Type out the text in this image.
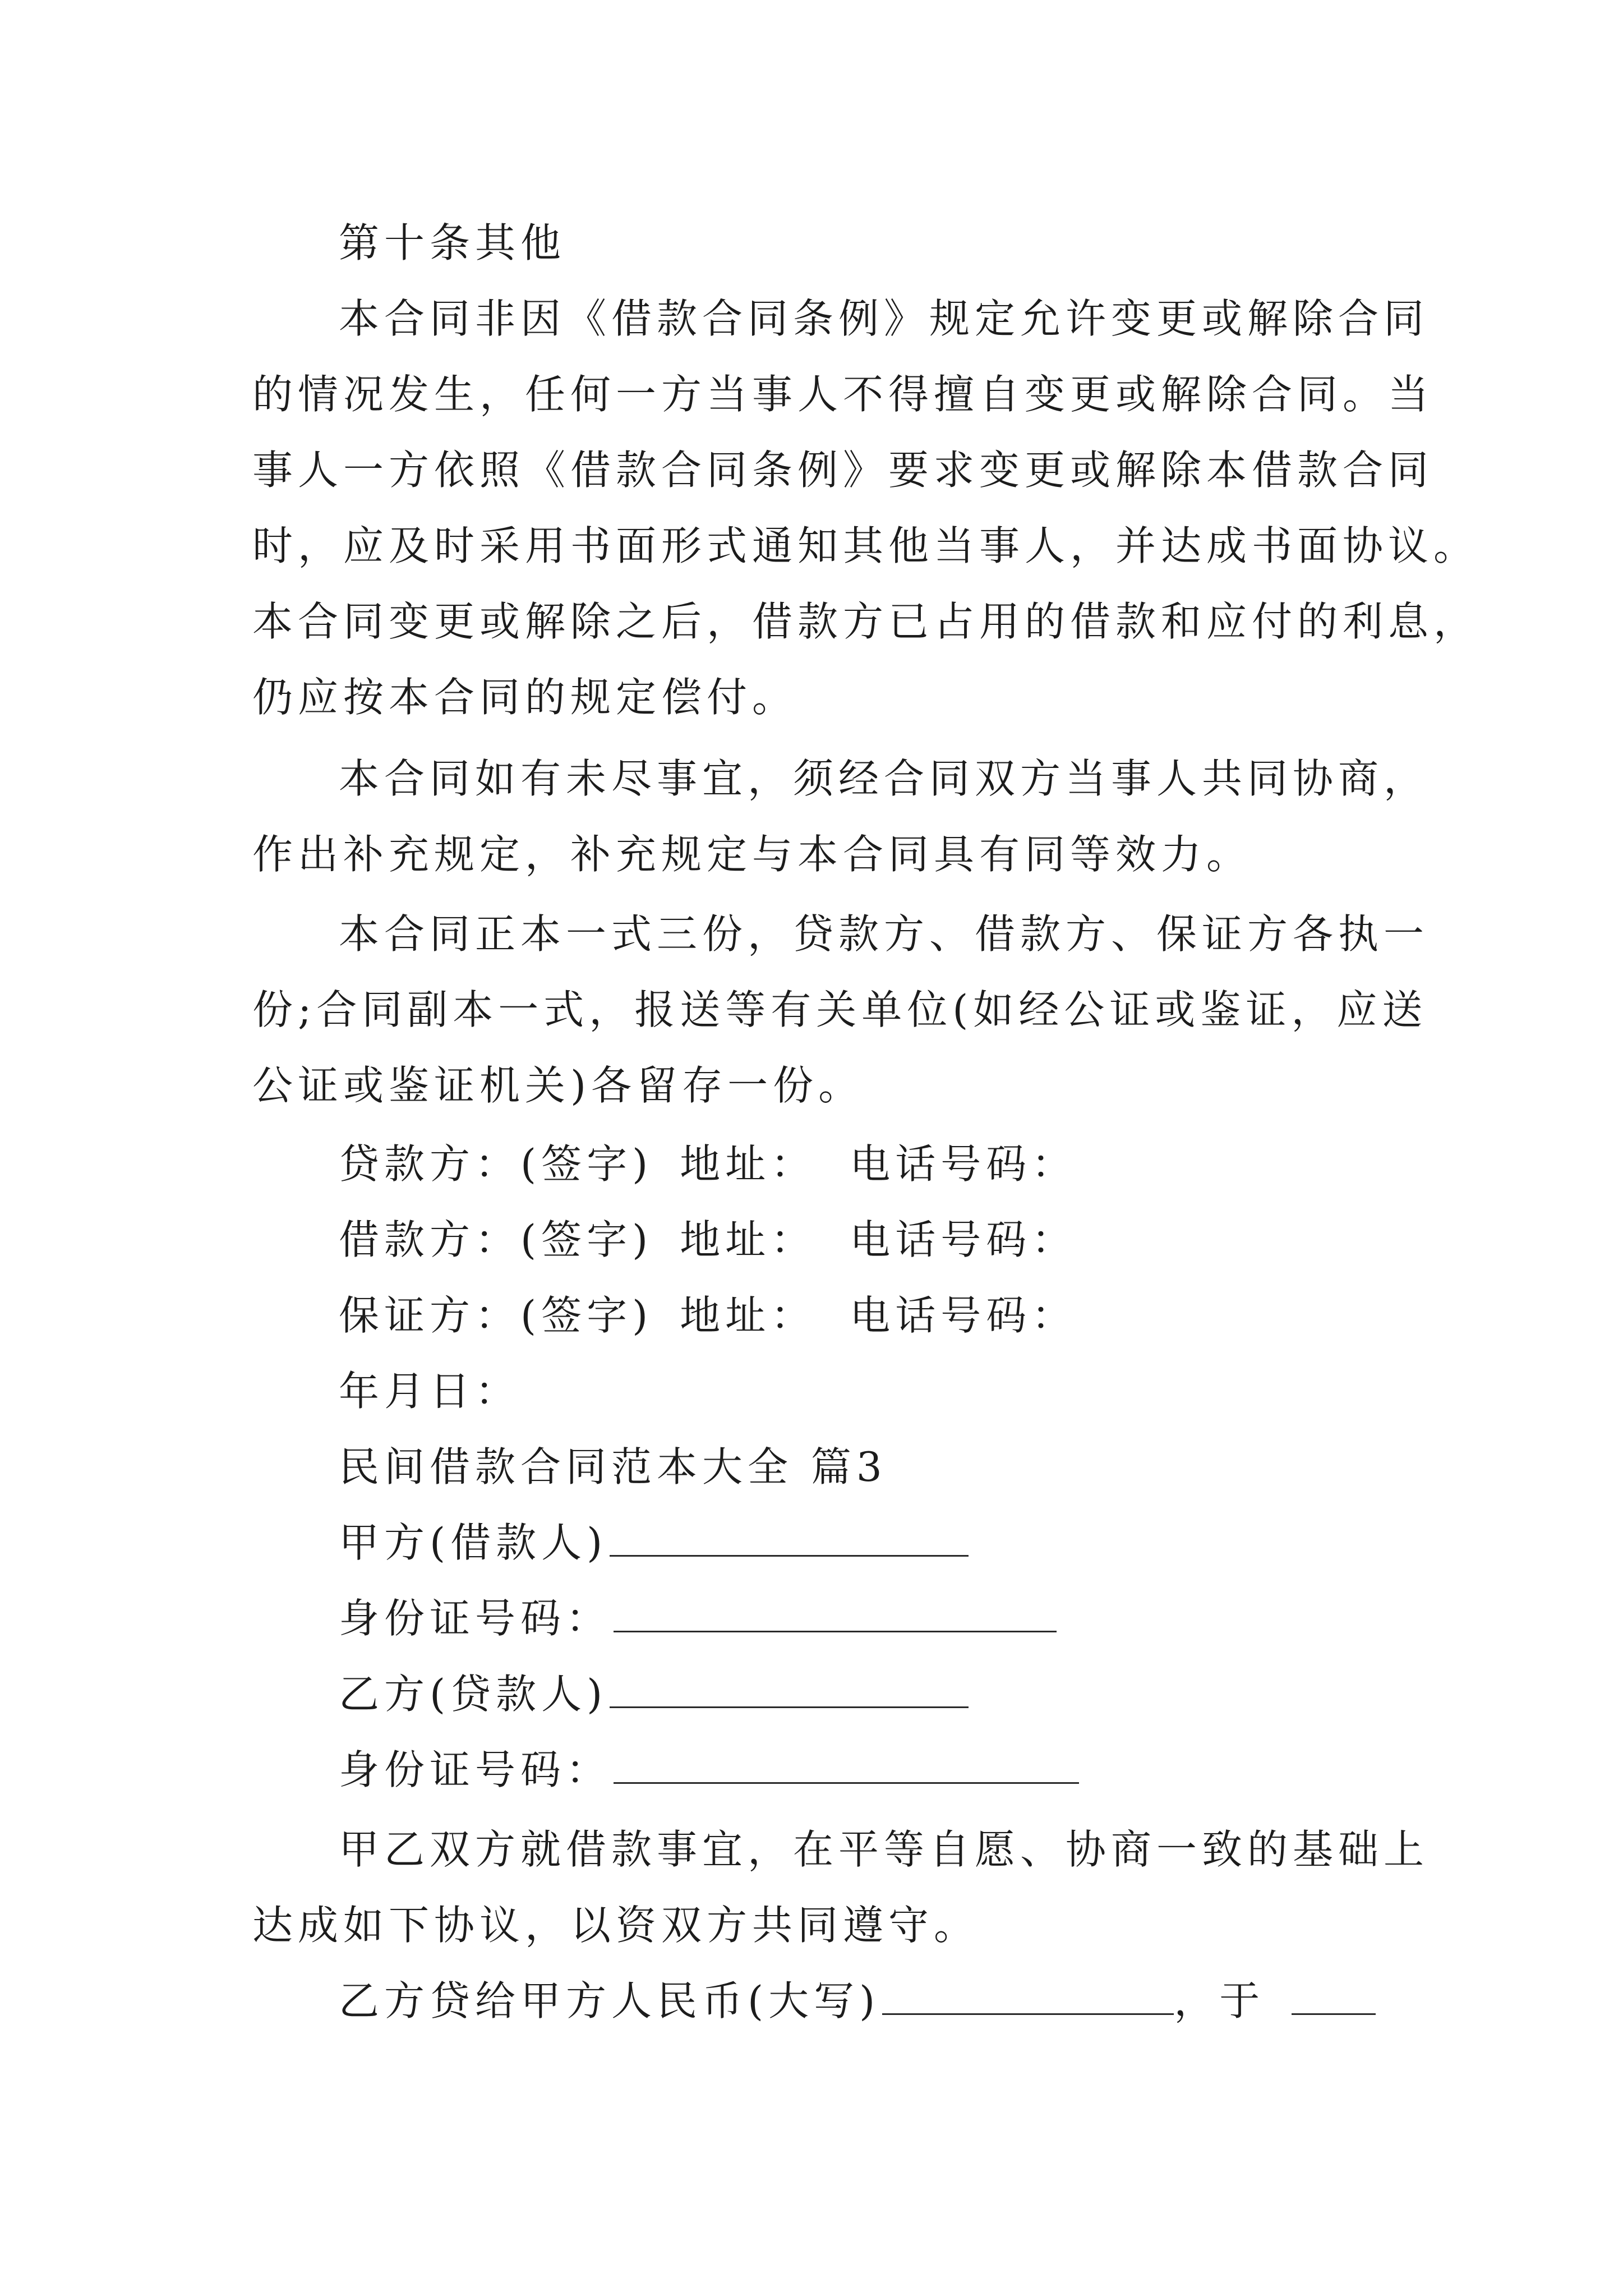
第十条其他
本合同非因《借款合同条例》规定允许变更或解除合同
的情况发生，任何一方当事人不得擅自变更或解除合同。当
事人一方依照《借款合同条例》要求变更或解除本借款合同
时，应及时采用书面形式通知其他当事人，并达成书面协议。
本合同变更或解除之后，借款方已占用的借款和应付的利息，
仍应按本合同的规定偿付。
本合同如有未尽事宜，须经合同双方当事人共同协商，
作出补充规定，补充规定与本合同具有同等效力。
本合同正本一式三份，贷款方、借款方、保证方各执一
份;合同副本一式，报送等有关单位(如经公证或鉴证，应送
公证或鉴证机关)各留存一份。
贷款方：(签字) 地址： 电话号码：
借款方：(签字) 地址： 电话号码：
保证方：(签字) 地址： 电话号码：
年月日：
民间借款合同范本大全 篇3
甲方(借款人)
身份证号码：
乙方(贷款人)
身份证号码：
甲乙双方就借款事宜，在平等自愿、协商一致的基础上
达成如下协议，以资双方共同遵守。
乙方贷给甲方人民币(大写)	，于
